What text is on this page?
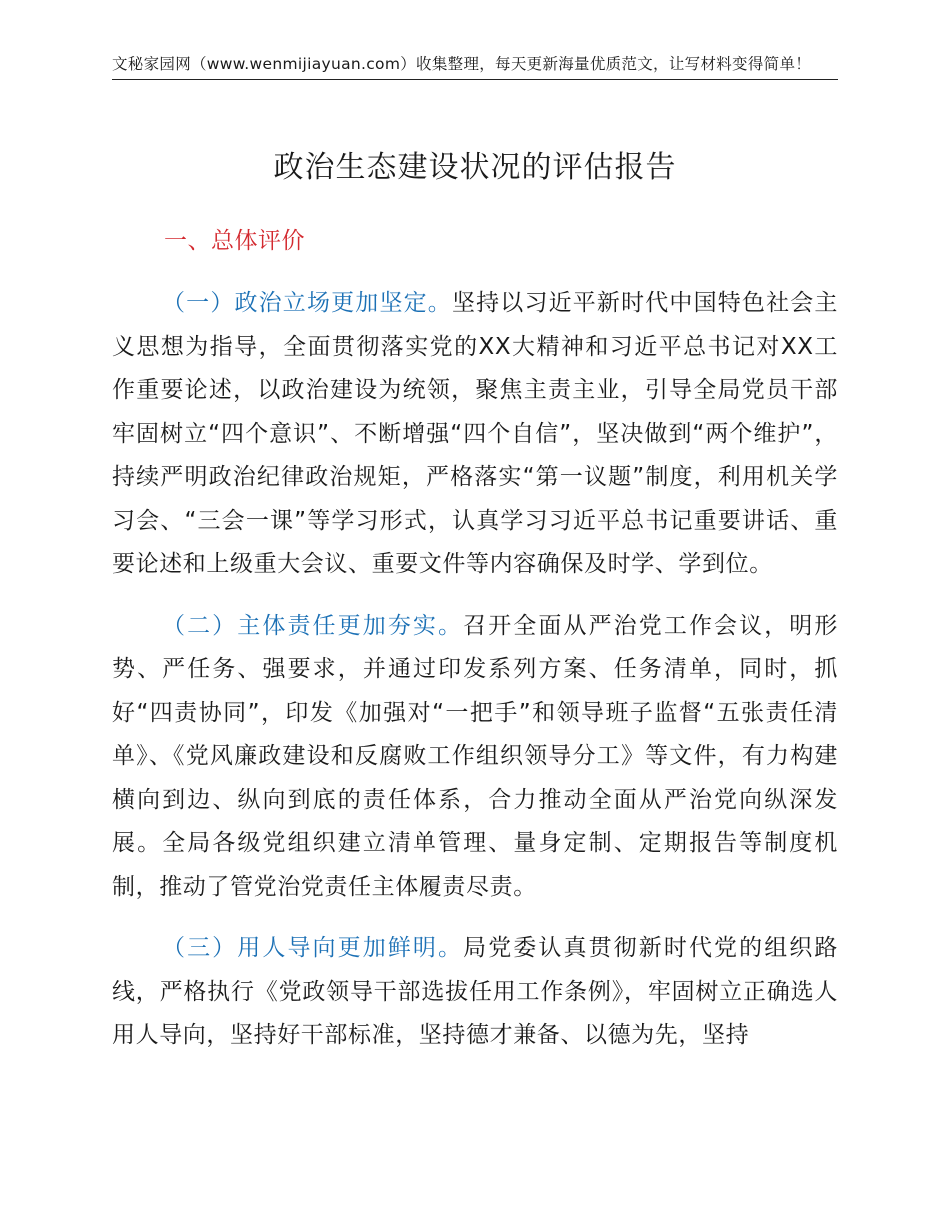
文秘家园网（www.wenmijiayuan.com）收集整理，每天更新海量优质范文，让写材料变得简单！
政治生态建设状况的评估报告
一、总体评价

（一）政治立场更加坚定。坚持以习近平新时代中国特色社会主义思想为指导，全面贯彻落实党的XX大精神和习近平总书记对XX工作重要论述，以政治建设为统领，聚焦主责主业，引导全局党员干部牢固树立“四个意识”、不断增强“四个自信”，坚决做到“两个维护”，持续严明政治纪律政治规矩，严格落实“第一议题”制度，利用机关学习会、“三会一课”等学习形式，认真学习习近平总书记重要讲话、重要论述和上级重大会议、重要文件等内容确保及时学、学到位。

（二）主体责任更加夯实。召开全面从严治党工作会议，明形势、严任务、强要求，并通过印发系列方案、任务清单，同时，抓好“四责协同”，印发《加强对“一把手”和领导班子监督“五张责任清单》、《党风廉政建设和反腐败工作组织领导分工》等文件，有力构建横向到边、纵向到底的责任体系，合力推动全面从严治党向纵深发展。全局各级党组织建立清单管理、量身定制、定期报告等制度机制，推动了管党治党责任主体履责尽责。

（三）用人导向更加鲜明。局党委认真贯彻新时代党的组织路线，严格执行《党政领导干部选拔任用工作条例》，牢固树立正确选人用人导向，坚持好干部标准，坚持德才兼备、以德为先，坚持
